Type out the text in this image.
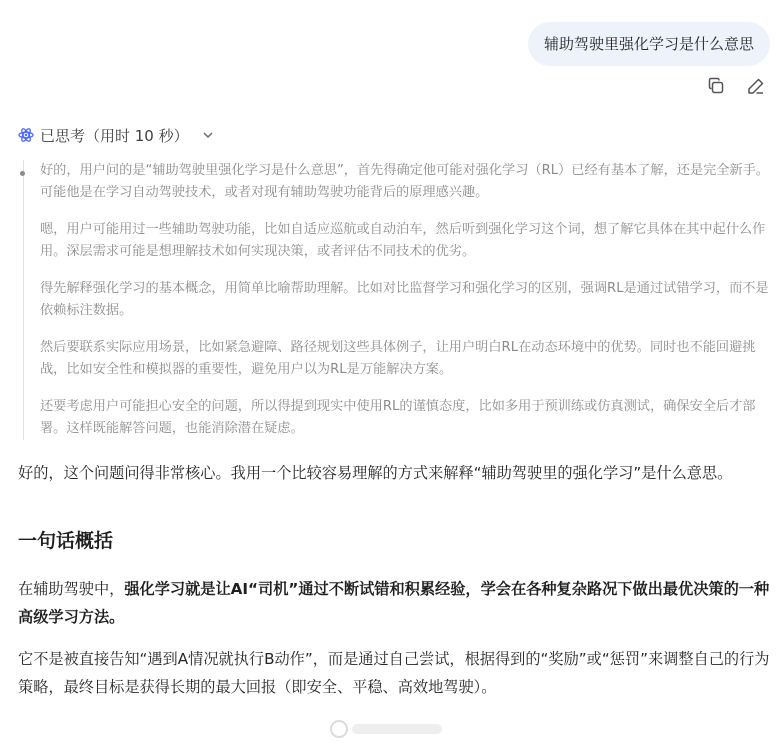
辅助驾驶里强化学习是什么意思
已思考（用时 10 秒）

好的，用户问的是“辅助驾驶里强化学习是什么意思”，首先得确定他可能对强化学习（RL）已经有基本了解，还是完全新手。可能他是在学习自动驾驶技术，或者对现有辅助驾驶功能背后的原理感兴趣。

嗯，用户可能用过一些辅助驾驶功能，比如自适应巡航或自动泊车，然后听到强化学习这个词，想了解它具体在其中起什么作用。深层需求可能是想理解技术如何实现决策，或者评估不同技术的优劣。

得先解释强化学习的基本概念，用简单比喻帮助理解。比如对比监督学习和强化学习的区别，强调RL是通过试错学习，而不是依赖标注数据。

然后要联系实际应用场景，比如紧急避障、路径规划这些具体例子，让用户明白RL在动态环境中的优势。同时也不能回避挑战，比如安全性和模拟器的重要性，避免用户以为RL是万能解决方案。

还要考虑用户可能担心安全的问题，所以得提到现实中使用RL的谨慎态度，比如多用于预训练或仿真测试，确保安全后才部署。这样既能解答问题，也能消除潜在疑虑。

好的，这个问题问得非常核心。我用一个比较容易理解的方式来解释“辅助驾驶里的强化学习”是什么意思。

一句话概括

在辅助驾驶中，强化学习就是让AI“司机”通过不断试错和积累经验，学会在各种复杂路况下做出最优决策的一种高级学习方法。

它不是被直接告知“遇到A情况就执行B动作”，而是通过自己尝试，根据得到的“奖励”或“惩罚”来调整自己的行为策略，最终目标是获得长期的最大回报（即安全、平稳、高效地驾驶）。
